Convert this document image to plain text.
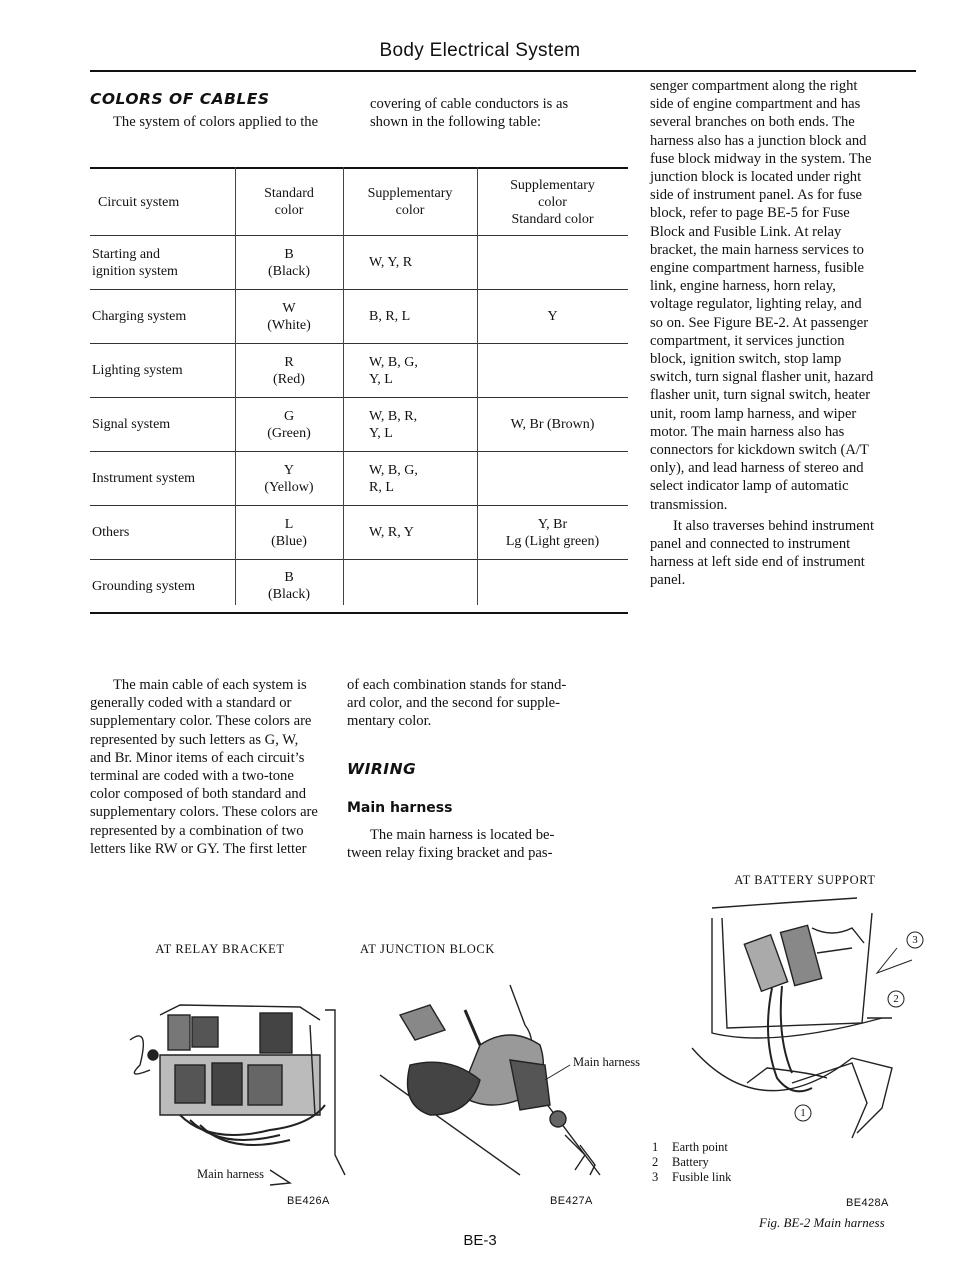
Body Electrical System
COLORS OF CABLES
The system of colors applied to the
covering of cable conductors is as
shown in the following table:
Circuit system
Standard
color
Supplementary
color
Supplementary
color
Standard color
Starting and
ignition system
B
(Black)
W, Y, R
Charging system
W
(White)
B, R, L	Y
Lighting system
R
(Red)
W, B, G,
Y, L
Signal system
G
(Green)
W, B, R,
Y, L
W, Br (Brown)
Instrument system
Y
(Yellow)
W, B, G,
R, L
Others
L
(Blue)
W, R, Y
Y, Br
Lg (Light green)
Grounding system
B
(Black)
The main cable of each system is
generally coded with a standard or
supplementary color. These colors are
represented by such letters as G, W,
and Br. Minor items of each circuit’s
terminal are coded with a two-tone
color composed of both standard and
supplementary colors. These colors are
represented by a combination of two
letters like RW or GY. The first letter
of each combination stands for stand-
ard color, and the second for supple-
mentary color.
WIRING
Main harness
The main harness is located be-
tween relay fixing bracket and pas-
senger compartment along the right
side of engine compartment and has
several branches on both ends. The
harness also has a junction block and
fuse block midway in the system. The
junction block is located under right
side of instrument panel. As for fuse
block, refer to page BE-5 for Fuse
Block and Fusible Link. At relay
bracket, the main harness services to
engine compartment harness, fusible
link, engine harness, horn relay,
voltage regulator, lighting relay, and
so on. See Figure BE-2. At passenger
compartment, it services junction
block, ignition switch, stop lamp
switch, turn signal flasher unit, hazard
flasher unit, turn signal switch, heater
unit, room lamp harness, and wiper
motor. The main harness also has
connectors for kickdown switch (A/T
only), and lead harness of stereo and
select indicator lamp of automatic
transmission.
It also traverses behind instrument
panel and connected to instrument
harness at left side end of instrument
panel.
AT RELAY BRACKET	AT JUNCTION BLOCK
AT BATTERY SUPPORT
Main harness
BE426A
Main harness
BE427A
3
2
1
1 Earth point
2 Battery
3 Fusible link
BE428A
Fig. BE-2 Main harness
BE-3
